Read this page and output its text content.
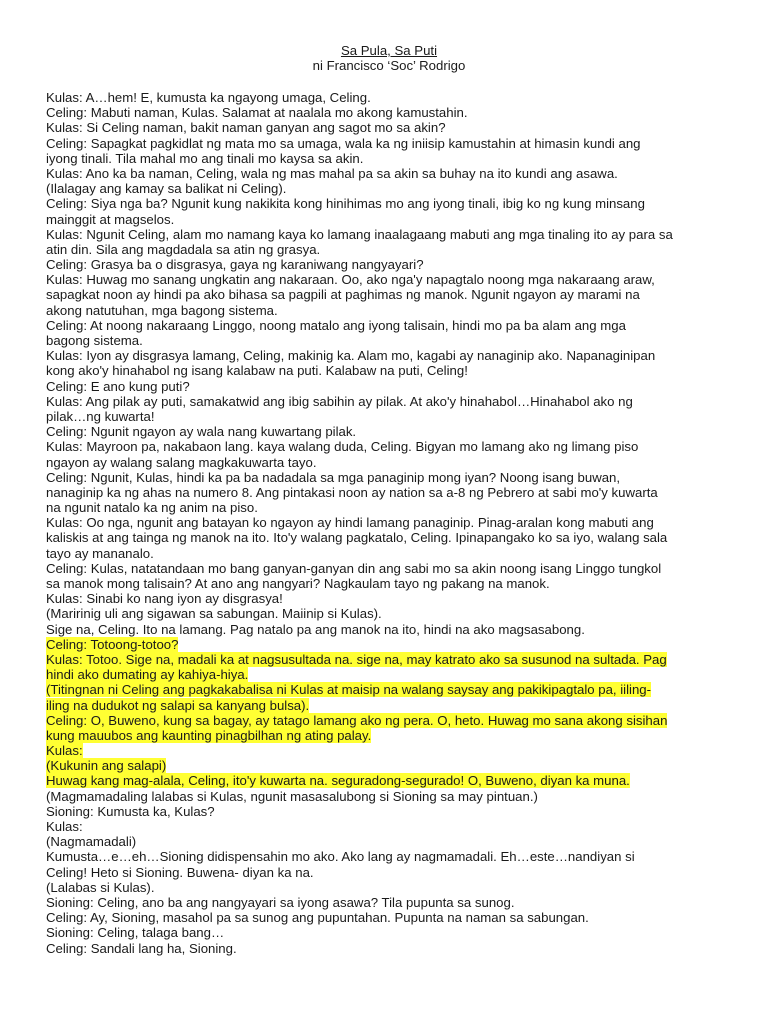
Sa Pula, Sa Puti
ni Francisco ‘Soc’ Rodrigo
Kulas: A…hem! E, kumusta ka ngayong umaga, Celing.
Celing: Mabuti naman, Kulas. Salamat at naalala mo akong kamustahin.
Kulas: Si Celing naman, bakit naman ganyan ang sagot mo sa akin?
Celing: Sapagkat pagkidlat ng mata mo sa umaga, wala ka ng iniisip kamustahin at himasin kundi ang
iyong tinali. Tila mahal mo ang tinali mo kaysa sa akin.
Kulas: Ano ka ba naman, Celing, wala ng mas mahal pa sa akin sa buhay na ito kundi ang asawa.
(Ilalagay ang kamay sa balikat ni Celing).
Celing: Siya nga ba? Ngunit kung nakikita kong hinihimas mo ang iyong tinali, ibig ko ng kung minsang
mainggit at magselos.
Kulas: Ngunit Celing, alam mo namang kaya ko lamang inaalagaang mabuti ang mga tinaling ito ay para sa
atin din. Sila ang magdadala sa atin ng grasya.
Celing: Grasya ba o disgrasya, gaya ng karaniwang nangyayari?
Kulas: Huwag mo sanang ungkatin ang nakaraan. Oo, ako nga'y napagtalo noong mga nakaraang araw,
sapagkat noon ay hindi pa ako bihasa sa pagpili at paghimas ng manok. Ngunit ngayon ay marami na
akong natutuhan, mga bagong sistema.
Celing: At noong nakaraang Linggo, noong matalo ang iyong talisain, hindi mo pa ba alam ang mga
bagong sistema.
Kulas: Iyon ay disgrasya lamang, Celing, makinig ka. Alam mo, kagabi ay nanaginip ako. Napanaginipan
kong ako'y hinahabol ng isang kalabaw na puti. Kalabaw na puti, Celing!
Celing: E ano kung puti?
Kulas: Ang pilak ay puti, samakatwid ang ibig sabihin ay pilak. At ako'y hinahabol…Hinahabol ako ng
pilak…ng kuwarta!
Celing: Ngunit ngayon ay wala nang kuwartang pilak.
Kulas: Mayroon pa, nakabaon lang. kaya walang duda, Celing. Bigyan mo lamang ako ng limang piso
ngayon ay walang salang magkakuwarta tayo.
Celing: Ngunit, Kulas, hindi ka pa ba nadadala sa mga panaginip mong iyan? Noong isang buwan,
nanaginip ka ng ahas na numero 8. Ang pintakasi noon ay nation sa a-8 ng Pebrero at sabi mo'y kuwarta
na ngunit natalo ka ng anim na piso.
Kulas: Oo nga, ngunit ang batayan ko ngayon ay hindi lamang panaginip. Pinag-aralan kong mabuti ang
kaliskis at ang tainga ng manok na ito. Ito'y walang pagkatalo, Celing. Ipinapangako ko sa iyo, walang sala
tayo ay mananalo.
Celing: Kulas, natatandaan mo bang ganyan-ganyan din ang sabi mo sa akin noong isang Linggo tungkol
sa manok mong talisain? At ano ang nangyari? Nagkaulam tayo ng pakang na manok.
Kulas: Sinabi ko nang iyon ay disgrasya!
(Maririnig uli ang sigawan sa sabungan. Maiinip si Kulas).
Sige na, Celing. Ito na lamang. Pag natalo pa ang manok na ito, hindi na ako magsasabong.
Celing: Totoong-totoo?
Kulas: Totoo. Sige na, madali ka at nagsusultada na. sige na, may katrato ako sa susunod na sultada. Pag
hindi ako dumating ay kahiya-hiya.
(Titingnan ni Celing ang pagkakabalisa ni Kulas at maisip na walang saysay ang pakikipagtalo pa, iiling-
iling na dudukot ng salapi sa kanyang bulsa).
Celing: O, Buweno, kung sa bagay, ay tatago lamang ako ng pera. O, heto. Huwag mo sana akong sisihan
kung mauubos ang kaunting pinagbilhan ng ating palay.
Kulas:
(Kukunin ang salapi)
Huwag kang mag-alala, Celing, ito'y kuwarta na. seguradong-segurado! O, Buweno, diyan ka muna.
(Magmamadaling lalabas si Kulas, ngunit masasalubong si Sioning sa may pintuan.)
Sioning: Kumusta ka, Kulas?
Kulas:
(Nagmamadali)
Kumusta…e…eh…Sioning didispensahin mo ako. Ako lang ay nagmamadali. Eh…este…nandiyan si
Celing! Heto si Sioning. Buwena- diyan ka na.
(Lalabas si Kulas).
Sioning: Celing, ano ba ang nangyayari sa iyong asawa? Tila pupunta sa sunog.
Celing: Ay, Sioning, masahol pa sa sunog ang pupuntahan. Pupunta na naman sa sabungan.
Sioning: Celing, talaga bang…
Celing: Sandali lang ha, Sioning.
